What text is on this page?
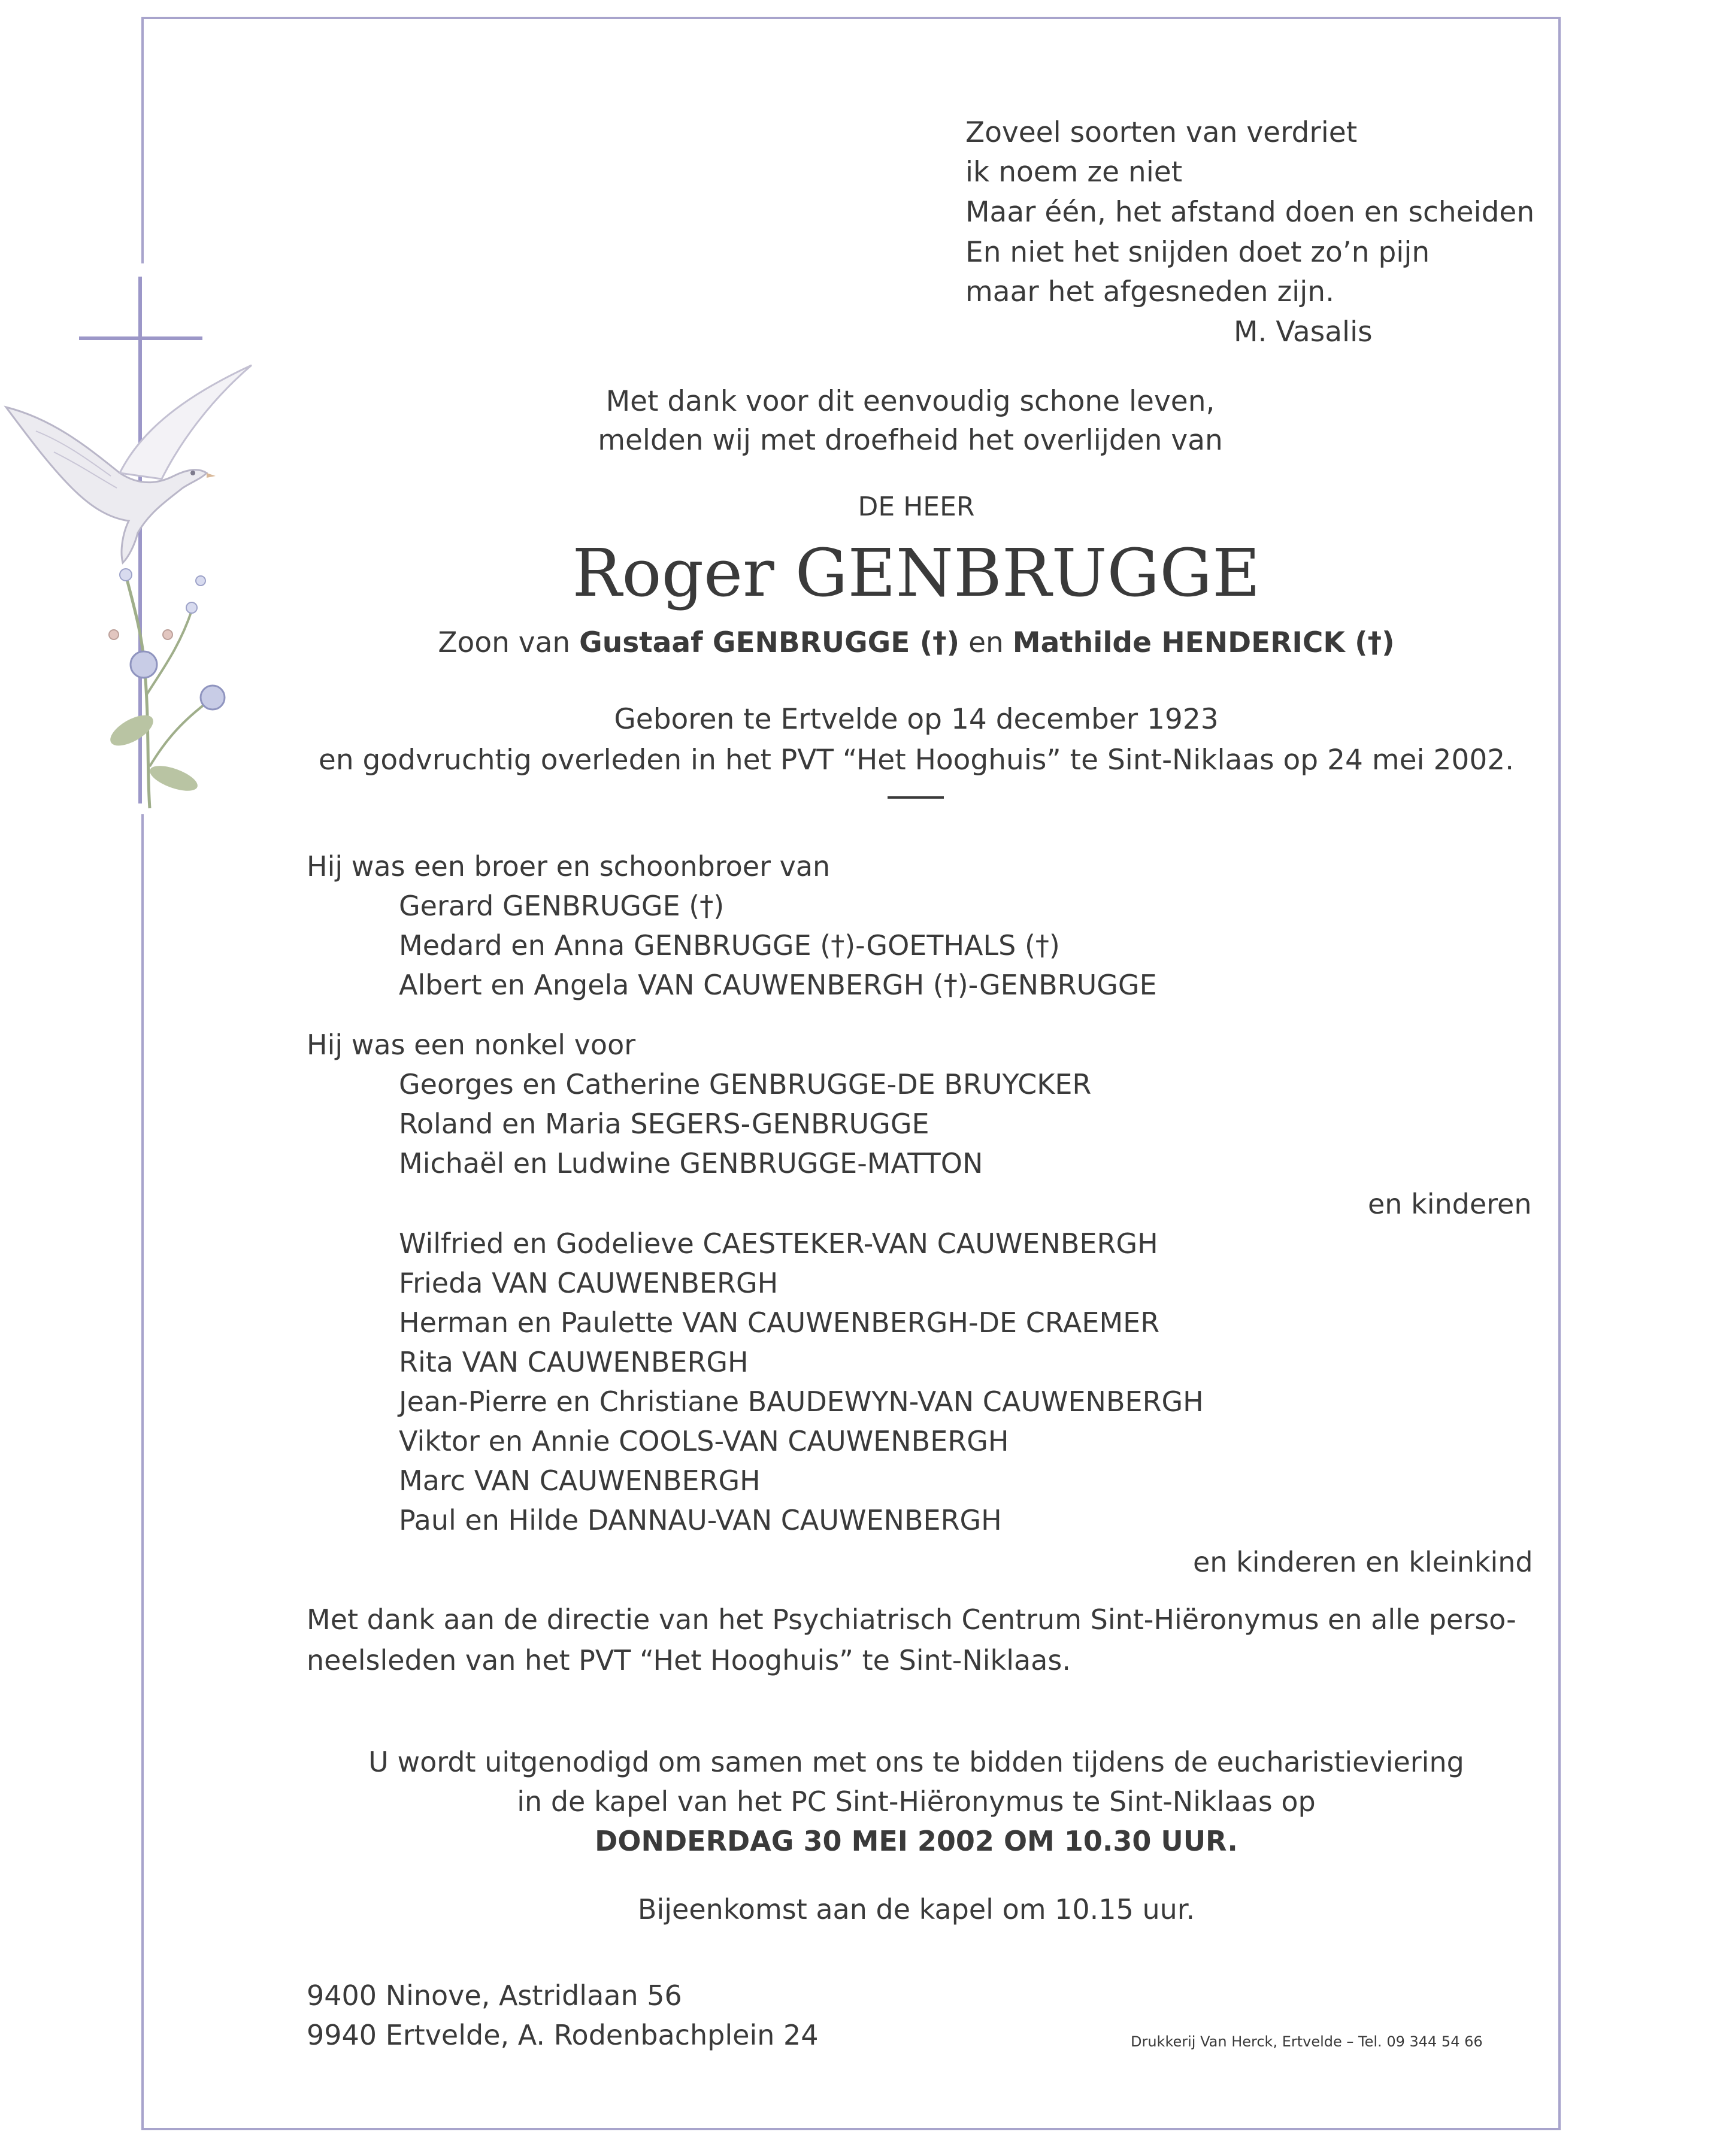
Zoveel soorten van verdriet
ik noem ze niet
Maar één, het afstand doen en scheiden
En niet het snijden doet zo’n pijn
maar het afgesneden zijn.
M. Vasalis
Met dank voor dit eenvoudig schone leven,
melden wij met droefheid het overlijden van
DE HEER
Roger GENBRUGGE
Zoon van Gustaaf GENBRUGGE (†) en Mathilde HENDERICK (†)
Geboren te Ertvelde op 14 december 1923
en godvruchtig overleden in het PVT “Het Hooghuis” te Sint-Niklaas op 24 mei 2002.
Hij was een broer en schoonbroer van
Gerard GENBRUGGE (†)
Medard en Anna GENBRUGGE (†)-GOETHALS (†)
Albert en Angela VAN CAUWENBERGH (†)-GENBRUGGE
Hij was een nonkel voor
Georges en Catherine GENBRUGGE-DE BRUYCKER
Roland en Maria SEGERS-GENBRUGGE
Michaël en Ludwine GENBRUGGE-MATTON
en kinderen
Wilfried en Godelieve CAESTEKER-VAN CAUWENBERGH
Frieda VAN CAUWENBERGH
Herman en Paulette VAN CAUWENBERGH-DE CRAEMER
Rita VAN CAUWENBERGH
Jean-Pierre en Christiane BAUDEWYN-VAN CAUWENBERGH
Viktor en Annie COOLS-VAN CAUWENBERGH
Marc VAN CAUWENBERGH
Paul en Hilde DANNAU-VAN CAUWENBERGH
en kinderen en kleinkind
Met dank aan de directie van het Psychiatrisch Centrum Sint-Hiëronymus en alle perso-
neelsleden van het PVT “Het Hooghuis” te Sint-Niklaas.
U wordt uitgenodigd om samen met ons te bidden tijdens de eucharistieviering
in de kapel van het PC Sint-Hiëronymus te Sint-Niklaas op
DONDERDAG 30 MEI 2002 OM 10.30 UUR.
Bijeenkomst aan de kapel om 10.15 uur.
9400 Ninove, Astridlaan 56
9940 Ertvelde, A. Rodenbachplein 24	Drukkerij Van Herck, Ertvelde – Tel. 09 344 54 66
